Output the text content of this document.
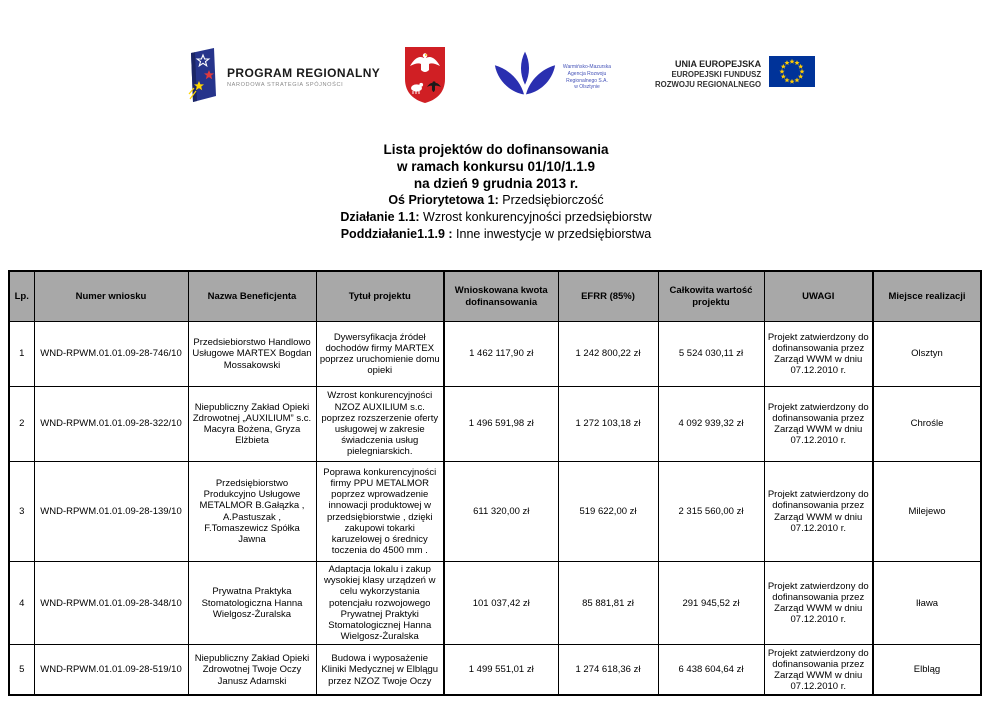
PROGRAM REGIONALNY
NARODOWA STRATEGIA SPÓJNOŚCI
Warmińsko-Mazurska
Agencja Rozwoju Regionalnego S.A.
w Olsztynie
UNIA EUROPEJSKA
EUROPEJSKI FUNDUSZ
ROZWOJU REGIONALNEGO
Lista projektów do dofinansowania
w ramach konkursu 01/10/1.1.9
na dzień 9 grudnia 2013 r.
Oś Priorytetowa 1: Przedsiębiorczość
Działanie 1.1: Wzrost konkurencyjności przedsiębiorstw
Poddziałanie1.1.9 : Inne inwestycje w przedsiębiorstwa
Lp.	Numer wniosku	Nazwa Beneficjenta	Tytuł projektu	Wnioskowana kwota dofinansowania	EFRR (85%)	Całkowita wartość projektu	UWAGI	Miejsce realizacji
1	WND-RPWM.01.01.09-28-746/10	Przedsiebiorstwo Handlowo Usługowe MARTEX Bogdan Mossakowski	Dywersyfikacja źródeł dochodów firmy MARTEX poprzez uruchomienie domu opieki	1 462 117,90 zł	1 242 800,22 zł	5 524 030,11 zł	Projekt zatwierdzony do dofinansowania przez Zarząd WWM w dniu 07.12.2010 r.	Olsztyn
2	WND-RPWM.01.01.09-28-322/10	Niepubliczny Zakład Opieki Zdrowotnej „AUXILIUM” s.c. Macyra Bożena, Gryza Elżbieta	Wzrost konkurencyjności NZOZ AUXILIUM s.c. poprzez rozszerzenie oferty usługowej w zakresie świadczenia usług pielegniarskich.	1 496 591,98 zł	1 272 103,18 zł	4 092 939,32 zł	Projekt zatwierdzony do dofinansowania przez Zarząd WWM w dniu 07.12.2010 r.	Chrośle
3	WND-RPWM.01.01.09-28-139/10	Przedsiębiorstwo Produkcyjno Usługowe METALMOR B.Gałązka , A.Pastuszak , F.Tomaszewicz Spółka Jawna	Poprawa konkurencyjności firmy PPU METALMOR poprzez wprowadzenie innowacji produktowej w przedsiębiorstwie , dzięki zakupowi tokarki karuzelowej o średnicy toczenia do 4500 mm .	611 320,00 zł	519 622,00 zł	2 315 560,00 zł	Projekt zatwierdzony do dofinansowania przez Zarząd WWM w dniu 07.12.2010 r.	Milejewo
4	WND-RPWM.01.01.09-28-348/10	Prywatna Praktyka Stomatologiczna Hanna Wielgosz-Żuralska	Adaptacja lokalu i zakup wysokiej klasy urządzeń w celu wykorzystania potencjału rozwojowego Prywatnej Praktyki Stomatologicznej Hanna Wielgosz-Żuralska	101 037,42 zł	85 881,81 zł	291 945,52 zł	Projekt zatwierdzony do dofinansowania przez Zarząd WWM w dniu 07.12.2010 r.	Iława
5	WND-RPWM.01.01.09-28-519/10	Niepubliczny Zakład Opieki Zdrowotnej Twoje Oczy Janusz Adamski	Budowa i wyposażenie Kliniki Medycznej w Elblągu przez NZOZ Twoje Oczy	1 499 551,01 zł	1 274 618,36 zł	6 438 604,64 zł	Projekt zatwierdzony do dofinansowania przez Zarząd WWM w dniu 07.12.2010 r.	Elbląg
